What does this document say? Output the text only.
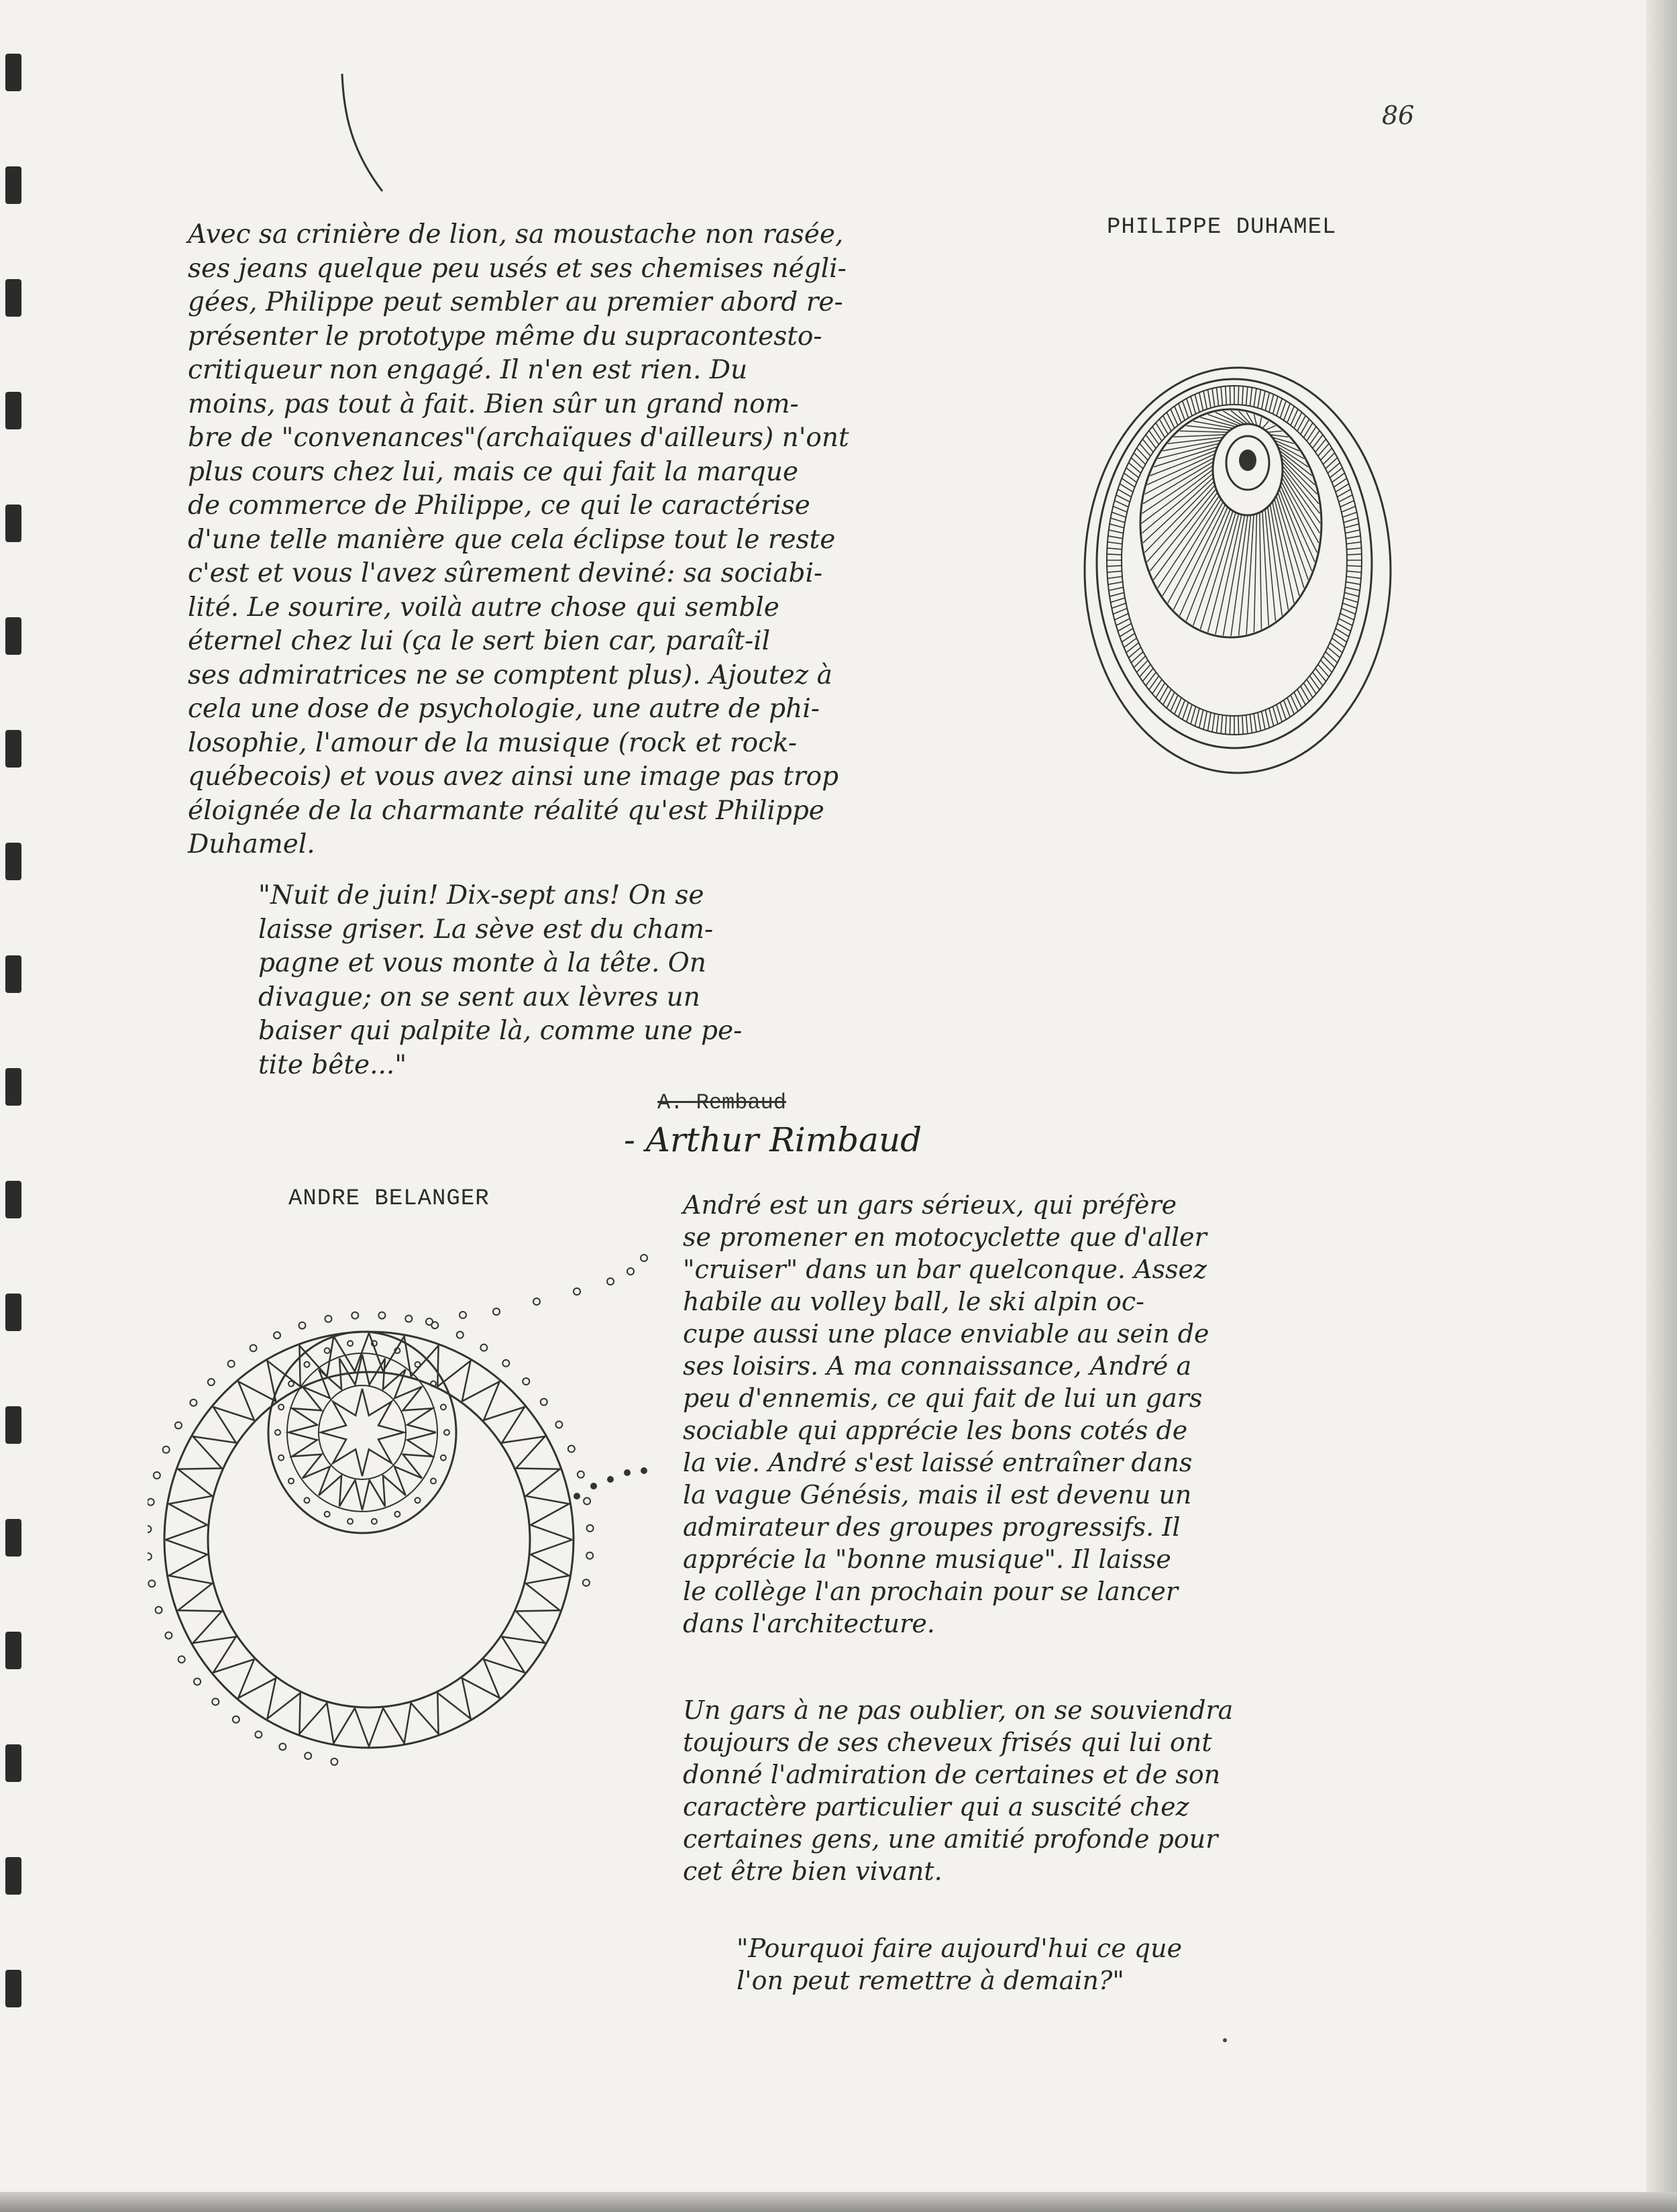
86
PHILIPPE DUHAMEL
Avec sa crinière de lion, sa moustache non rasée,
ses jeans quelque peu usés et ses chemises négli-
gées, Philippe peut sembler au premier abord re-
présenter le prototype même du supracontesto-
critiqueur non engagé. Il n'en est rien. Du
moins, pas tout à fait. Bien sûr un grand nom-
bre de "convenances"(archaïques d'ailleurs) n'ont
plus cours chez lui, mais ce qui fait la marque
de commerce de Philippe, ce qui le caractérise
d'une telle manière que cela éclipse tout le reste
c'est et vous l'avez sûrement deviné: sa sociabi-
lité. Le sourire, voilà autre chose qui semble
éternel chez lui (ça le sert bien car, paraît-il
ses admiratrices ne se comptent plus). Ajoutez à
cela une dose de psychologie, une autre de phi-
losophie, l'amour de la musique (rock et rock-
québecois) et vous avez ainsi une image pas trop
éloignée de la charmante réalité qu'est Philippe
Duhamel.
"Nuit de juin! Dix-sept ans! On se
laisse griser. La sève est du cham-
pagne et vous monte à la tête. On
divague; on se sent aux lèvres un
baiser qui palpite là, comme une pe-
tite bête..."
A. Rembaud
- Arthur Rimbaud
ANDRE BELANGER	André est un gars sérieux, qui préfère
se promener en motocyclette que d'aller
"cruiser" dans un bar quelconque. Assez
habile au volley ball, le ski alpin oc-
cupe aussi une place enviable au sein de
ses loisirs. A ma connaissance, André a
peu d'ennemis, ce qui fait de lui un gars
sociable qui apprécie les bons cotés de
la vie. André s'est laissé entraîner dans
la vague Génésis, mais il est devenu un
admirateur des groupes progressifs. Il
apprécie la "bonne musique". Il laisse
le collège l'an prochain pour se lancer
dans l'architecture.
Un gars à ne pas oublier, on se souviendra
toujours de ses cheveux frisés qui lui ont
donné l'admiration de certaines et de son
caractère particulier qui a suscité chez
certaines gens, une amitié profonde pour
cet être bien vivant.
"Pourquoi faire aujourd'hui ce que
l'on peut remettre à demain?"
